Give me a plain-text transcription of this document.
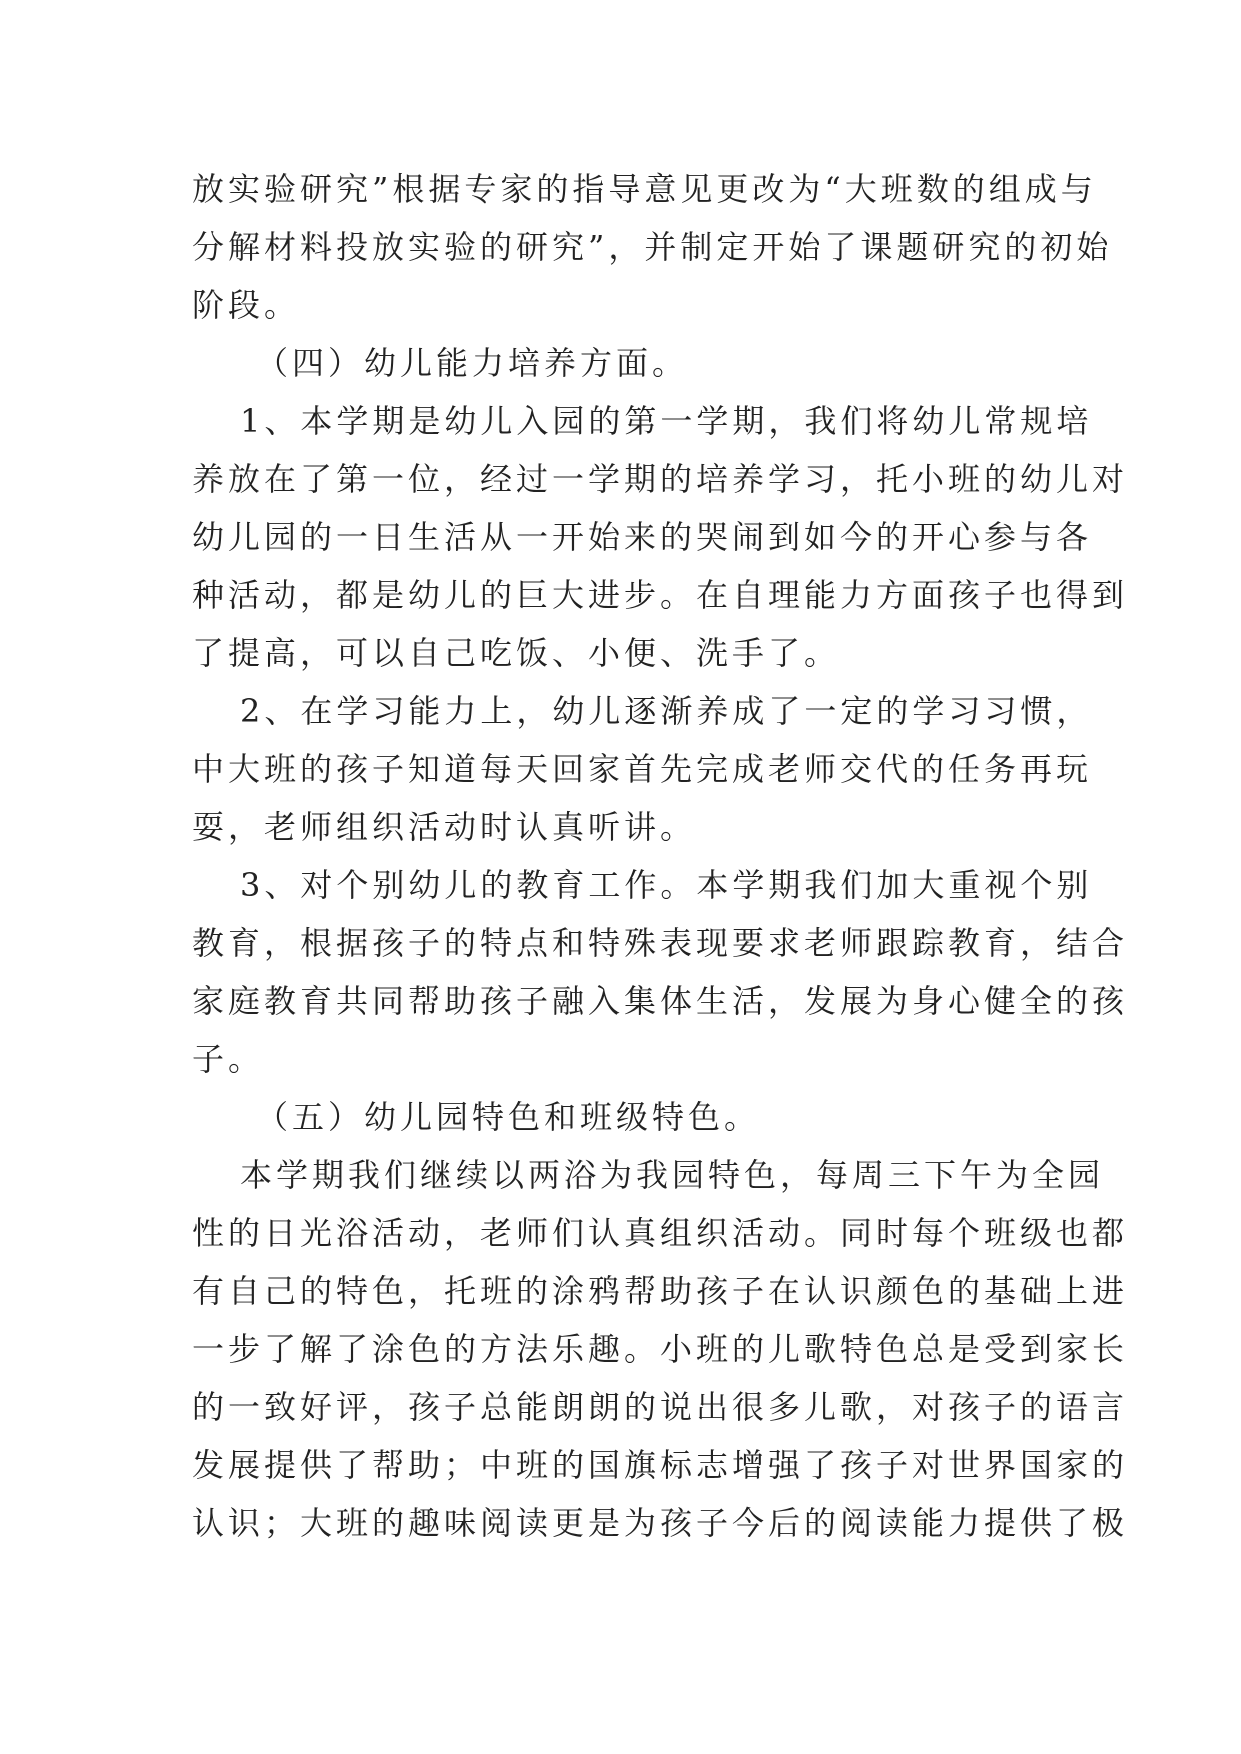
放实验研究”根据专家的指导意见更改为“大班数的组成与
分解材料投放实验的研究”，并制定开始了课题研究的初始
阶段。
（四）幼儿能力培养方面。
1、本学期是幼儿入园的第一学期，我们将幼儿常规培
养放在了第一位，经过一学期的培养学习，托小班的幼儿对
幼儿园的一日生活从一开始来的哭闹到如今的开心参与各
种活动，都是幼儿的巨大进步。在自理能力方面孩子也得到
了提高，可以自己吃饭、小便、洗手了。
2、在学习能力上，幼儿逐渐养成了一定的学习习惯，
中大班的孩子知道每天回家首先完成老师交代的任务再玩
耍，老师组织活动时认真听讲。
3、对个别幼儿的教育工作。本学期我们加大重视个别
教育，根据孩子的特点和特殊表现要求老师跟踪教育，结合
家庭教育共同帮助孩子融入集体生活，发展为身心健全的孩
子。
（五）幼儿园特色和班级特色。
本学期我们继续以两浴为我园特色，每周三下午为全园
性的日光浴活动，老师们认真组织活动。同时每个班级也都
有自己的特色，托班的涂鸦帮助孩子在认识颜色的基础上进
一步了解了涂色的方法乐趣。小班的儿歌特色总是受到家长
的一致好评，孩子总能朗朗的说出很多儿歌，对孩子的语言
发展提供了帮助；中班的国旗标志增强了孩子对世界国家的
认识；大班的趣味阅读更是为孩子今后的阅读能力提供了极
